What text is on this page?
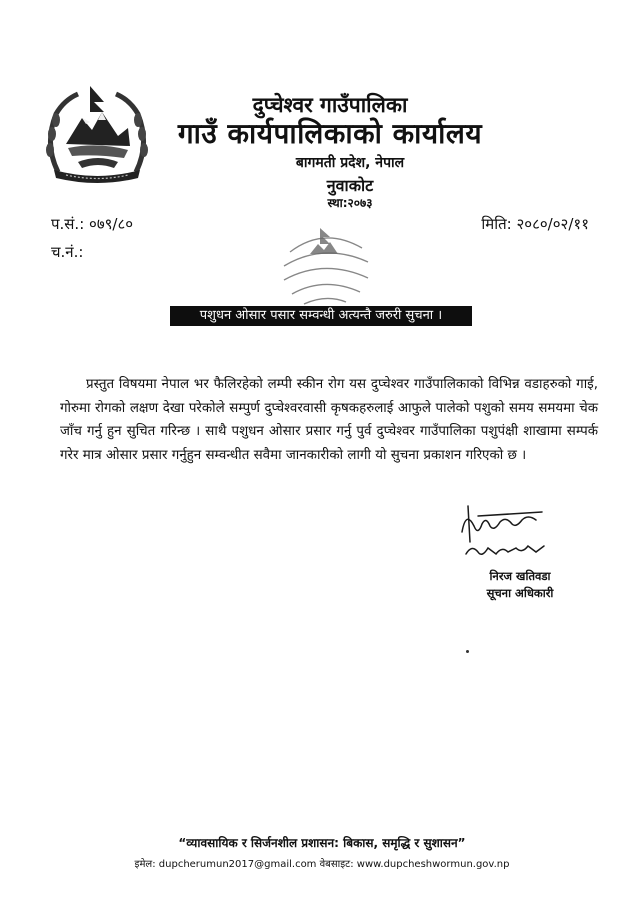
दुप्चेश्वर गाउँपालिका
गाउँ कार्यपालिकाको कार्यालय
बागमती प्रदेश, नेपाल
नुवाकोट
स्था:२०७३
प.सं.: ०७९/८०
च.नं.:
मिति: २०८०/०२/११
पशुधन ओसार पसार सम्वन्धी अत्यन्तै जरुरी सुचना ।
प्रस्तुत विषयमा नेपाल भर फैलिरहेको लम्पी स्कीन रोग यस दुप्चेश्वर गाउँपालिकाको विभिन्न वडाहरुको गाई, गोरुमा रोगको लक्षण देखा परेकोले सम्पुर्ण दुप्चेश्वरवासी कृषकहरुलाई आफुले पालेको पशुको समय समयमा चेक जाँच गर्नु हुन सुचित गरिन्छ । साथै पशुधन ओसार प्रसार गर्नु पुर्व दुप्चेश्वर गाउँपालिका पशुपंक्षी शाखामा सम्पर्क गरेर मात्र ओसार प्रसार गर्नुहुन सम्वन्धीत सवैमा जानकारीको लागी यो सुचना प्रकाशन गरिएको छ ।
निरज खतिवडा
सूचना अधिकारी
“व्यावसायिक र सिर्जनशील प्रशासन: बिकास, समृद्धि र सुशासन”
इमेल: dupcherumun2017@gmail.com वेबसाइट: www.dupcheshwormun.gov.np
